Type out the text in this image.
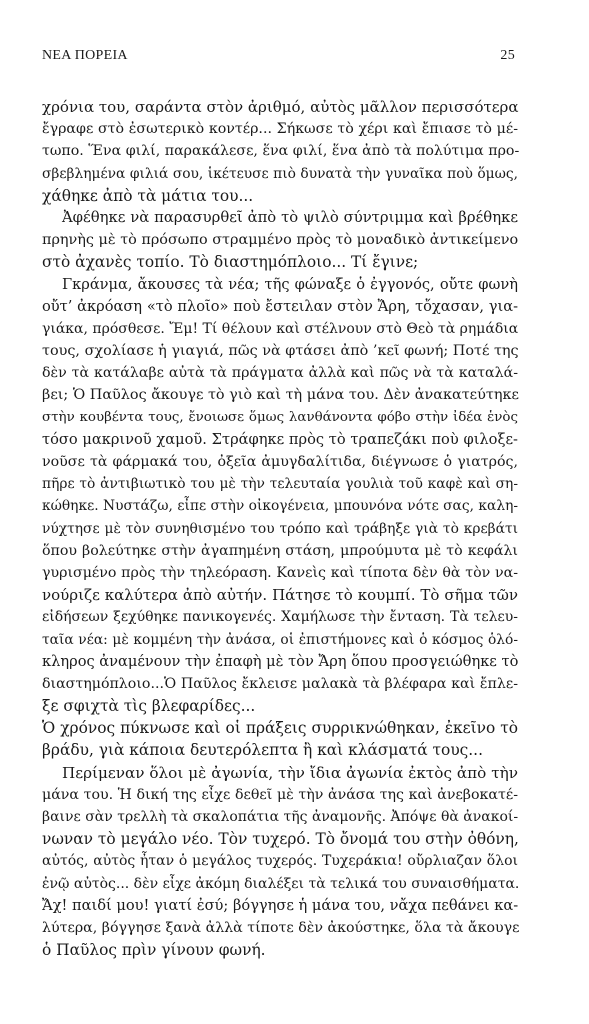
ΝΕΑ ΠΟΡΕΙΑ	25
χρόνια του, σαράντα στὸν ἀριθμό, αὐτὸς μᾶλλον περισσότερα
ἔγραφε στὸ ἐσωτερικὸ κοντέρ... Σήκωσε τὸ χέρι καὶ ἔπιασε τὸ μέ-
τωπο. Ἕνα φιλί, παρακάλεσε, ἕνα φιλί, ἕνα ἀπὸ τὰ πολύτιμα προ-
σβεβλημένα φιλιά σου, ἱκέτευσε πιὸ δυνατὰ τὴν γυναῖκα ποὺ ὅμως,
χάθηκε ἀπὸ τὰ μάτια του...
Ἀφέθηκε νὰ παρασυρθεῖ ἀπὸ τὸ ψιλὸ σύντριμμα καὶ βρέθηκε
πρηνὴς μὲ τὸ πρόσωπο στραμμένο πρὸς τὸ μοναδικὸ ἀντικείμενο
στὸ ἀχανὲς τοπίο. Τὸ διαστημόπλοιο... Τί ἔγινε;
Γκράνμα, ἄκουσες τὰ νέα; τῆς φώναξε ὁ ἐγγονός, οὔτε φωνὴ
οὔτ’ ἀκρόαση «τὸ πλοῖο» ποὺ ἔστειλαν στὸν Ἄρη, τὄχασαν, για-
γιάκα, πρόσθεσε. Ἔμ! Τί θέλουν καὶ στέλνουν στὸ Θεὸ τὰ ρημάδια
τους, σχολίασε ἡ γιαγιά, πῶς νὰ φτάσει ἀπὸ ’κεῖ φωνή; Ποτέ της
δὲν τὰ κατάλαβε αὐτὰ τὰ πράγματα ἀλλὰ καὶ πῶς νὰ τὰ καταλά-
βει; Ὁ Παῦλος ἄκουγε τὸ γιὸ καὶ τὴ μάνα του. Δὲν ἀνακατεύτηκε
στὴν κουβέντα τους, ἔνοιωσε ὅμως λανθάνοντα φόβο στὴν ἰδέα ἑνὸς
τόσο μακρινοῦ χαμοῦ. Στράφηκε πρὸς τὸ τραπεζάκι ποὺ φιλοξε-
νοῦσε τὰ φάρμακά του, ὀξεῖα ἀμυγδαλίτιδα, διέγνωσε ὁ γιατρός,
πῆρε τὸ ἀντιβιωτικὸ του μὲ τὴν τελευταία γουλιὰ τοῦ καφὲ καὶ ση-
κώθηκε. Νυστάζω, εἶπε στὴν οἰκογένεια, μπουνόνα νότε σας, καλη-
νύχτησε μὲ τὸν συνηθισμένο του τρόπο καὶ τράβηξε γιὰ τὸ κρεβάτι
ὅπου βολεύτηκε στὴν ἀγαπημένη στάση, μπρούμυτα μὲ τὸ κεφάλι
γυρισμένο πρὸς τὴν τηλεόραση. Κανεὶς καὶ τίποτα δὲν θὰ τὸν να-
νούριζε καλύτερα ἀπὸ αὐτήν. Πάτησε τὸ κουμπί. Τὸ σῆμα τῶν
εἰδήσεων ξεχύθηκε πανικογενές. Χαμήλωσε τὴν ἔνταση. Τὰ τελευ-
ταῖα νέα: μὲ κομμένη τὴν ἀνάσα, οἱ ἐπιστήμονες καὶ ὁ κόσμος ὁλό-
κληρος ἀναμένουν τὴν ἐπαφὴ μὲ τὸν Ἄρη ὅπου προσγειώθηκε τὸ
διαστημόπλοιο...Ὁ Παῦλος ἔκλεισε μαλακὰ τὰ βλέφαρα καὶ ἔπλε-
ξε σφιχτὰ τὶς βλεφαρίδες...
Ὁ χρόνος πύκνωσε καὶ οἱ πράξεις συρρικνώθηκαν, ἐκεῖνο τὸ
βράδυ, γιὰ κάποια δευτερόλεπτα ἢ καὶ κλάσματά τους...
Περίμεναν ὅλοι μὲ ἀγωνία, τὴν ἴδια ἀγωνία ἐκτὸς ἀπὸ τὴν
μάνα του. Ἡ δική της εἶχε δεθεῖ μὲ τὴν ἀνάσα της καὶ ἀνεβοκατέ-
βαινε σὰν τρελλὴ τὰ σκαλοπάτια τῆς ἀναμονῆς. Ἀπόψε θὰ ἀνακοί-
νωναν τὸ μεγάλο νέο. Τὸν τυχερό. Τὸ ὄνομά του στὴν ὀθόνη,
αὐτός, αὐτὸς ἦταν ὁ μεγάλος τυχερός. Τυχεράκια! οὔρλιαζαν ὅλοι
ἐνῷ αὐτὸς... δὲν εἶχε ἀκόμη διαλέξει τὰ τελικά του συναισθήματα.
Ἄχ! παιδί μου! γιατί ἐσύ; βόγγησε ἡ μάνα του, νἄχα πεθάνει κα-
λύτερα, βόγγησε ξανὰ ἀλλὰ τίποτε δὲν ἀκούστηκε, ὅλα τὰ ἄκουγε
ὁ Παῦλος πρὶν γίνουν φωνή.
